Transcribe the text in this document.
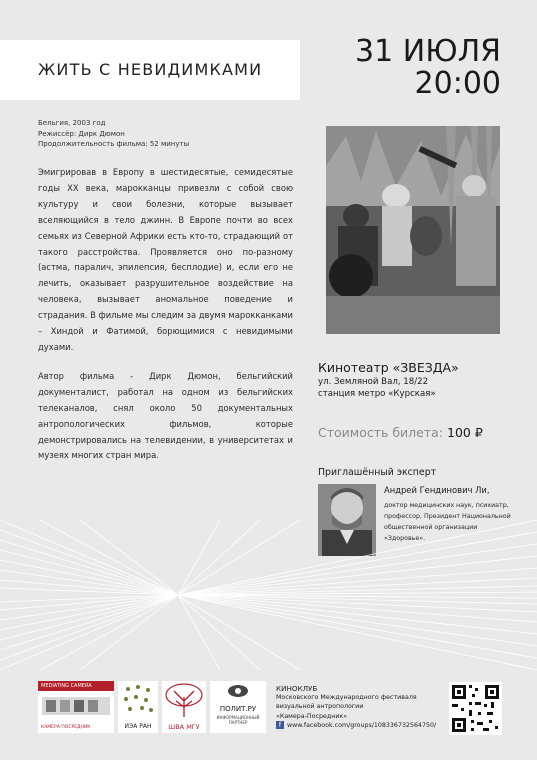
ЖИТЬ С НЕВИДИМКАМИ
31 ИЮЛЯ
20:00
Бельгия, 2003 год
Режиссёр: Дирк Дюмон
Продолжительность фильма: 52 минуты

Эмигрировав в Европу в шестидесятые, семидесятые годы ХХ века, марокканцы привезли с собой свою культуру и свои болезни, которые вызывает вселяющийся в тело джинн. В Европе почти во всех семьях из Северной Африки есть кто-то, страдающий от такого расстройства. Проявляется оно по-разному (астма, паралич, эпилепсия, бесплодие) и, если его не лечить, оказывает разрушительное воздействие на человека, вызывает аномальное поведение и страдания. В фильме мы следим за двумя марокканками – Хиндой и Фатимой, борющимися с невидимыми духами.

Автор фильма - Дирк Дюмон, бельгийский документалист, работал на одном из бельгийских телеканалов, снял около 50 документальных антропологических фильмов, которые демонстрировались на телевидении, в университетах и музеях многих стран мира.

Кинотеатр «ЗВЕЗДА»
ул. Земляной Вал, 18/22
станция метро «Курская»
Стоимость билета: 100 ₽
Приглашённый эксперт
Андрей Гендинович Ли,
доктор медицинских наук, психиатр, профессор, Президент Национальной общественной организации «Здоровье».
MEDIATING CAMERA
КАМЕРА-ПОСРЕДНИК	ИЭА РАН	ШВА МГУ
ПОЛИТ.РУ
ИНФОРМАЦИОННЫЙ ПАРТНЕР
КИНОКЛУБ
Московского Международного фестиваля
визуальной антропологии
«Камера-Посредник»
f www.facebook.com/groups/108336732564750/
